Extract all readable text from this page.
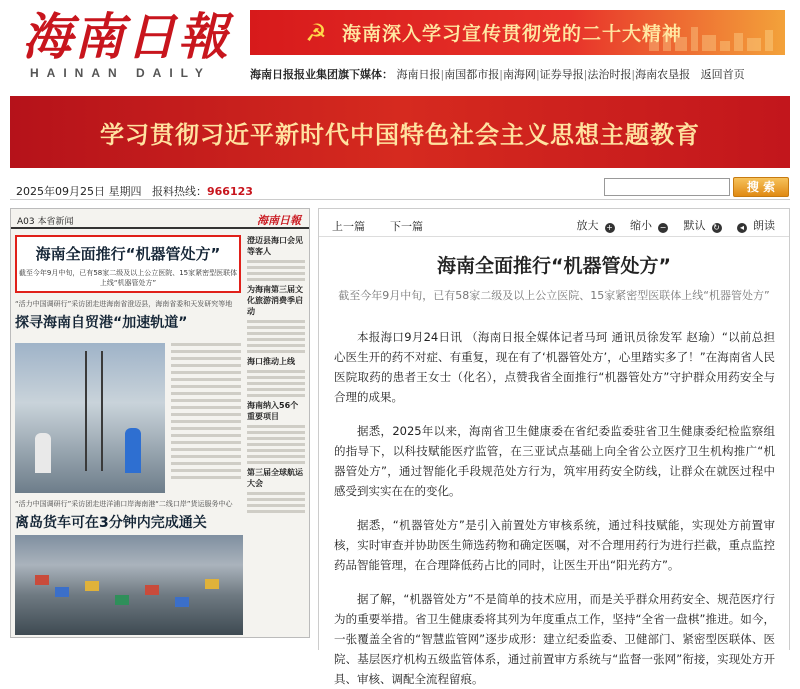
海南日報
HAINAN DAILY
☭ 海南深入学习宣传贯彻党的二十大精神
海南日报报业集团旗下媒体： 海南日报|南国都市报|南海网|证券导报|法治时报|海南农垦报 返回首页
学习贯彻习近平新时代中国特色社会主义思想主题教育
2025年09月25日 星期四 报料热线：966123	搜 索
A03 本省新闻	海南日報
海南全面推行“机器管处方”
截至今年9月中旬，已有58家二级及以上公立医院、15家紧密型医联体上线“机器管处方”
澄迈县海口会见等客人
为海南第三届文化旅游消费季启动
海口推动上线
海南纳入56个重要项目
第三届全球航运大会
“活力中国调研行”采访团走进海南省澄迈县，海南省委和天发研究等地
探寻海南自贸港“加速轨道”
“活力中国调研行”采访团走进洋浦口岸海南港“二线口岸”货运服务中心
离岛货车可在3分钟内完成通关
上一篇 下一篇	放大 + 缩小 − 默认 ↻	◂ 朗读
海南全面推行“机器管处方”
截至今年9月中旬，已有58家二级及以上公立医院、15家紧密型医联体上线“机器管处方”

本报海口9月24日讯 （海南日报全媒体记者马珂 通讯员徐发军 赵瑜）“以前总担心医生开的药不对症、有重复，现在有了‘机器管处方’，心里踏实多了！”在海南省人民医院取药的患者王女士（化名），点赞我省全面推行“机器管处方”守护群众用药安全与合理的成果。

据悉，2025年以来，海南省卫生健康委在省纪委监委驻省卫生健康委纪检监察组的指导下，以科技赋能医疗监管，在三亚试点基础上向全省公立医疗卫生机构推广“机器管处方”，通过智能化手段规范处方行为，筑牢用药安全防线，让群众在就医过程中感受到实实在在的变化。

据悉，“机器管处方”是引入前置处方审核系统，通过科技赋能，实现处方前置审核，实时审查并协助医生筛选药物和确定医嘱，对不合理用药行为进行拦截，重点监控药品智能管理，在合理降低药占比的同时，让医生开出“阳光药方”。

据了解，“机器管处方”不是简单的技术应用，而是关乎群众用药安全、规范医疗行为的重要举措。省卫生健康委将其列为年度重点工作，坚持“全省一盘棋”推进。如今，一张覆盖全省的“智慧监管网”逐步成形：建立纪委监委、卫健部门、紧密型医联体、医院、基层医疗机构五级监管体系，通过前置审方系统与“监督一张网”衔接，实现处方开具、审核、调配全流程留痕。
